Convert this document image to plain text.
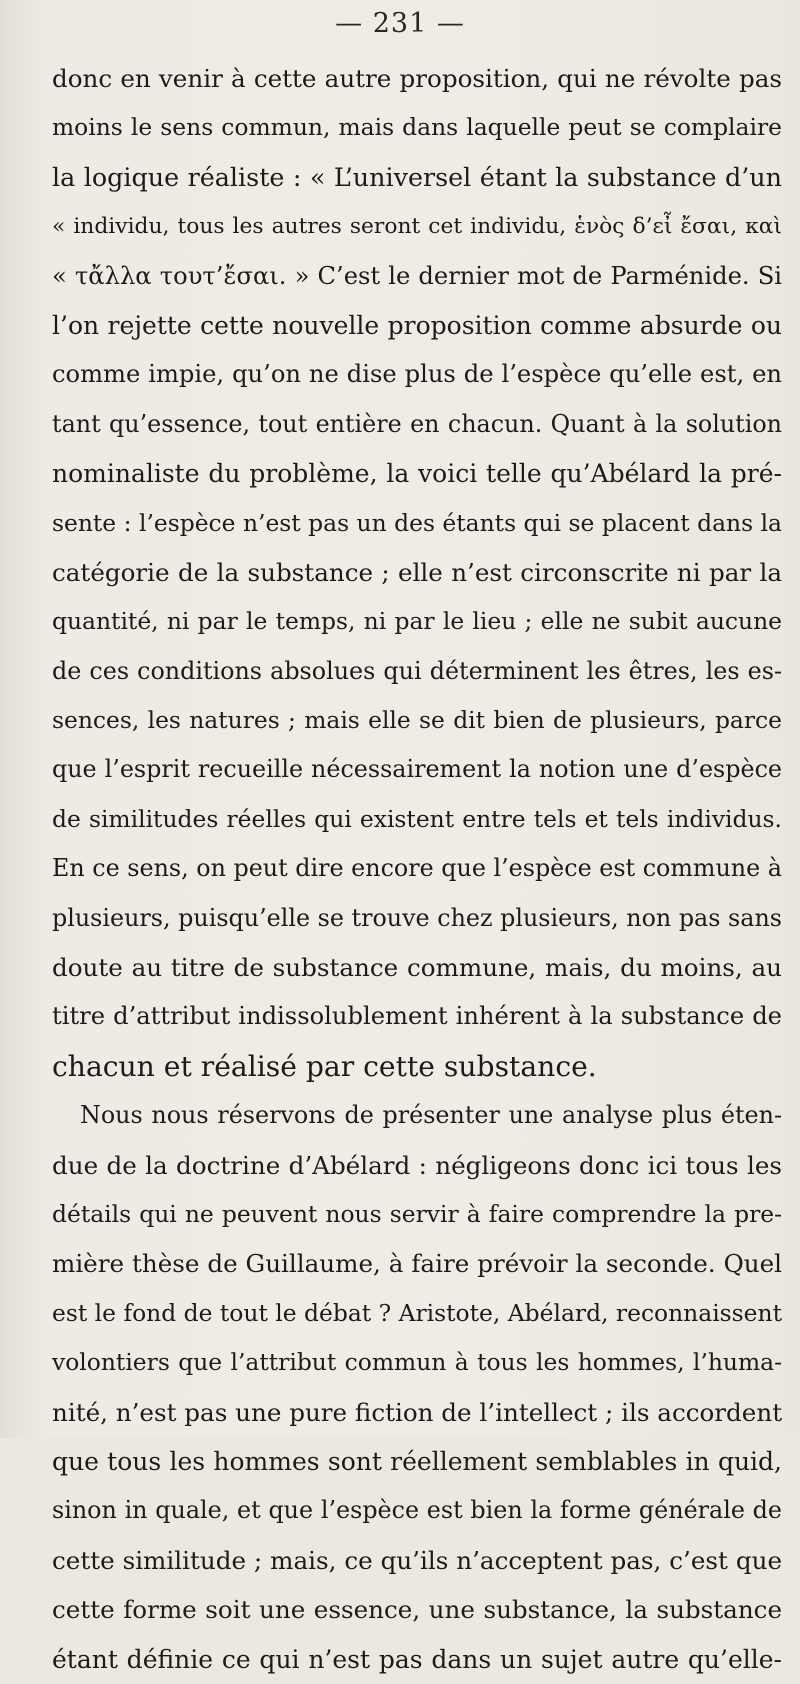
— 231 —
donc en venir à cette autre proposition, qui ne révolte pas
moins le sens commun, mais dans laquelle peut se complaire
la logique réaliste : « L’universel étant la substance d’un
« individu, tous les autres seront cet individu, ἑνὸς δ’εἶ ἔσαι, καὶ
« τἄλλα τουτ’ἔσαι. » C’est le dernier mot de Parménide. Si
l’on rejette cette nouvelle proposition comme absurde ou
comme impie, qu’on ne dise plus de l’espèce qu’elle est, en
tant qu’essence, tout entière en chacun. Quant à la solution
nominaliste du problème, la voici telle qu’Abélard la pré-
sente : l’espèce n’est pas un des étants qui se placent dans la
catégorie de la substance ; elle n’est circonscrite ni par la
quantité, ni par le temps, ni par le lieu ; elle ne subit aucune
de ces conditions absolues qui déterminent les êtres, les es-
sences, les natures ; mais elle se dit bien de plusieurs, parce
que l’esprit recueille nécessairement la notion une d’espèce
de similitudes réelles qui existent entre tels et tels individus.
En ce sens, on peut dire encore que l’espèce est commune à
plusieurs, puisqu’elle se trouve chez plusieurs, non pas sans
doute au titre de substance commune, mais, du moins, au
titre d’attribut indissolublement inhérent à la substance de
chacun et réalisé par cette substance.
Nous nous réservons de présenter une analyse plus éten-
due de la doctrine d’Abélard : négligeons donc ici tous les
détails qui ne peuvent nous servir à faire comprendre la pre-
mière thèse de Guillaume, à faire prévoir la seconde. Quel
est le fond de tout le débat ? Aristote, Abélard, reconnaissent
volontiers que l’attribut commun à tous les hommes, l’huma-
nité, n’est pas une pure fiction de l’intellect ; ils accordent
que tous les hommes sont réellement semblables in quid,
sinon in quale, et que l’espèce est bien la forme générale de
cette similitude ; mais, ce qu’ils n’acceptent pas, c’est que
cette forme soit une essence, une substance, la substance
étant définie ce qui n’est pas dans un sujet autre qu’elle-
